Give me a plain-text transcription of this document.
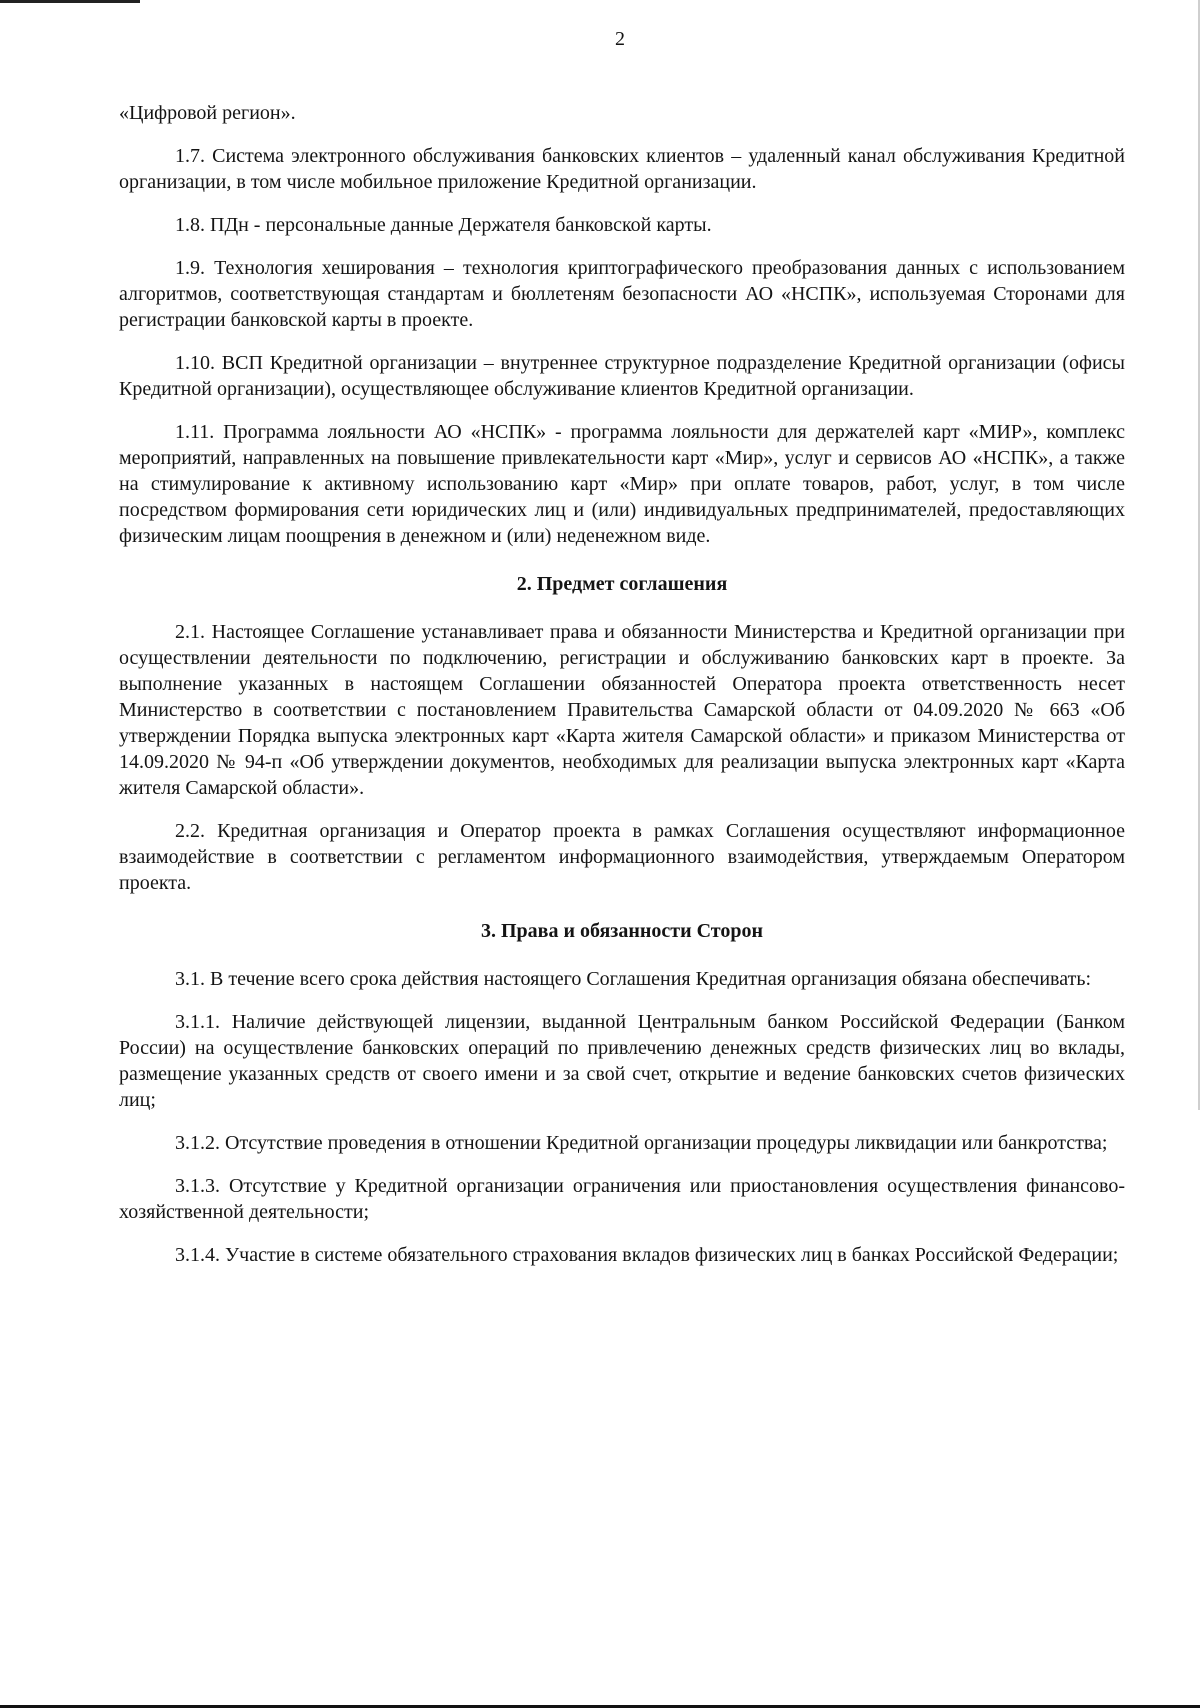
2

«Цифровой регион».

1.7. Система электронного обслуживания банковских клиентов – удаленный канал обслуживания Кредитной организации, в том числе мобильное приложение Кредитной организации.

1.8. ПДн - персональные данные Держателя банковской карты.

1.9. Технология хеширования – технология криптографического преобразования данных с использованием алгоритмов, соответствующая стандартам и бюллетеням безопасности АО «НСПК», используемая Сторонами для регистрации банковской карты в проекте.

1.10. ВСП Кредитной организации – внутреннее структурное подразделение Кредитной организации (офисы Кредитной организации), осуществляющее обслуживание клиентов Кредитной организации.

1.11. Программа лояльности АО «НСПК» - программа лояльности для держателей карт «МИР», комплекс мероприятий, направленных на повышение привлекательности карт «Мир», услуг и сервисов АО «НСПК», а также на стимулирование к активному использованию карт «Мир» при оплате товаров, работ, услуг, в том числе посредством формирования сети юридических лиц и (или) индивидуальных предпринимателей, предоставляющих физическим лицам поощрения в денежном и (или) неденежном виде.

2. Предмет соглашения

2.1. Настоящее Соглашение устанавливает права и обязанности Министерства и Кредитной организации при осуществлении деятельности по подключению, регистрации и обслуживанию банковских карт в проекте. За выполнение указанных в настоящем Соглашении обязанностей Оператора проекта ответственность несет Министерство в соответствии с постановлением Правительства Самарской области от 04.09.2020 № 663 «Об утверждении Порядка выпуска электронных карт «Карта жителя Самарской области» и приказом Министерства от 14.09.2020 № 94-п «Об утверждении документов, необходимых для реализации выпуска электронных карт «Карта жителя Самарской области».

2.2. Кредитная организация и Оператор проекта в рамках Соглашения осуществляют информационное взаимодействие в соответствии с регламентом информационного взаимодействия, утверждаемым Оператором проекта.

3. Права и обязанности Сторон

3.1. В течение всего срока действия настоящего Соглашения Кредитная организация обязана обеспечивать:

3.1.1. Наличие действующей лицензии, выданной Центральным банком Российской Федерации (Банком России) на осуществление банковских операций по привлечению денежных средств физических лиц во вклады, размещение указанных средств от своего имени и за свой счет, открытие и ведение банковских счетов физических лиц;

3.1.2. Отсутствие проведения в отношении Кредитной организации процедуры ликвидации или банкротства;

3.1.3. Отсутствие у Кредитной организации ограничения или приостановления осуществления финансово-хозяйственной деятельности;

3.1.4. Участие в системе обязательного страхования вкладов физических лиц в банках Российской Федерации;
